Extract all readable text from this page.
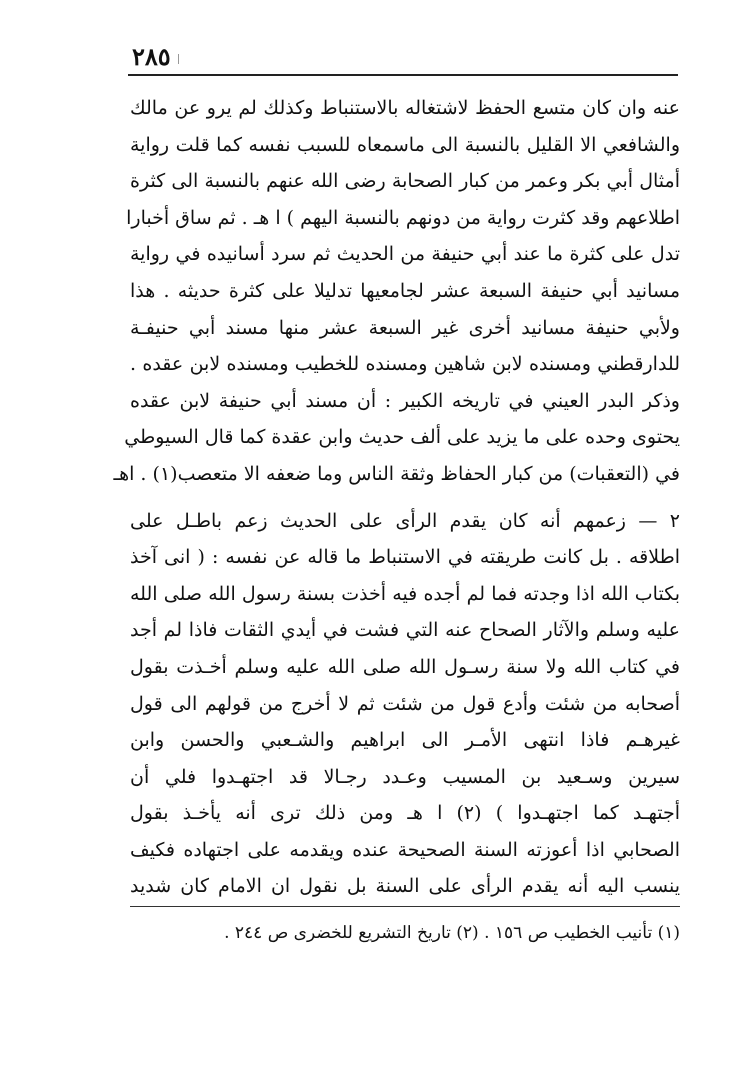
٢٨٥
عنه وان كان متسع الحفظ لاشتغاله بالاستنباط وكذلك لم يرو عن مالك
والشافعي الا القليل بالنسبة الى ماسمعاه للسبب نفسه كما قلت رواية
أمثال أبي بكر وعمر من كبار الصحابة رضى الله عنهم بالنسبة الى كثرة
اطلاعهم وقد كثرت رواية من دونهم بالنسبة اليهم ) ا هـ . ثم ساق أخبارا
تدل على كثرة ما عند أبي حنيفة من الحديث ثم سرد أسانيده في رواية
مسانيد أبي حنيفة السبعة عشر لجامعيها تدليلا على كثرة حديثه . هذا
ولأبي حنيفة مسانيد أخرى غير السبعة عشر منها مسند أبي حنيفـة
للدارقطني ومسنده لابن شاهين ومسنده للخطيب ومسنده لابن عقده .
وذكر البدر العيني في تاريخه الكبير : أن مسند أبي حنيفة لابن عقده
يحتوى وحده على ما يزيد على ألف حديث وابن عقدة كما قال السيوطي
في (التعقبات) من كبار الحفاظ وثقة الناس وما ضعفه الا متعصب(١) . اهـ
٢ — زعمهم أنه كان يقدم الرأى على الحديث زعم باطـل على
اطلاقه . بل كانت طريقته في الاستنباط ما قاله عن نفسه : ( انى آخذ
بكتاب الله اذا وجدته فما لم أجده فيه أخذت بسنة رسول الله صلى الله
عليه وسلم والآثار الصحاح عنه التي فشت في أيدي الثقات فاذا لم أجد
في كتاب الله ولا سنة رسـول الله صلى الله عليه وسلم أخـذت بقول
أصحابه من شئت وأدع قول من شئت ثم لا أخرج من قولهم الى قول
غيرهـم فاذا انتهى الأمـر الى ابراهيم والشـعبي والحسن وابن
سيرين وسـعيد بن المسيب وعـدد رجـالا قد اجتهـدوا فلي أن
أجتهـد كما اجتهـدوا ) (٢) ا هـ ومن ذلك ترى أنه يأخـذ بقول
الصحابي اذا أعوزته السنة الصحيحة عنده ويقدمه على اجتهاده فكيف
ينسب اليه أنه يقدم الرأى على السنة بل نقول ان الامام كان شديد
(١) تأنيب الخطيب ص ١٥٦ . (٢) تاريخ التشريع للخضرى ص ٢٤٤ .
